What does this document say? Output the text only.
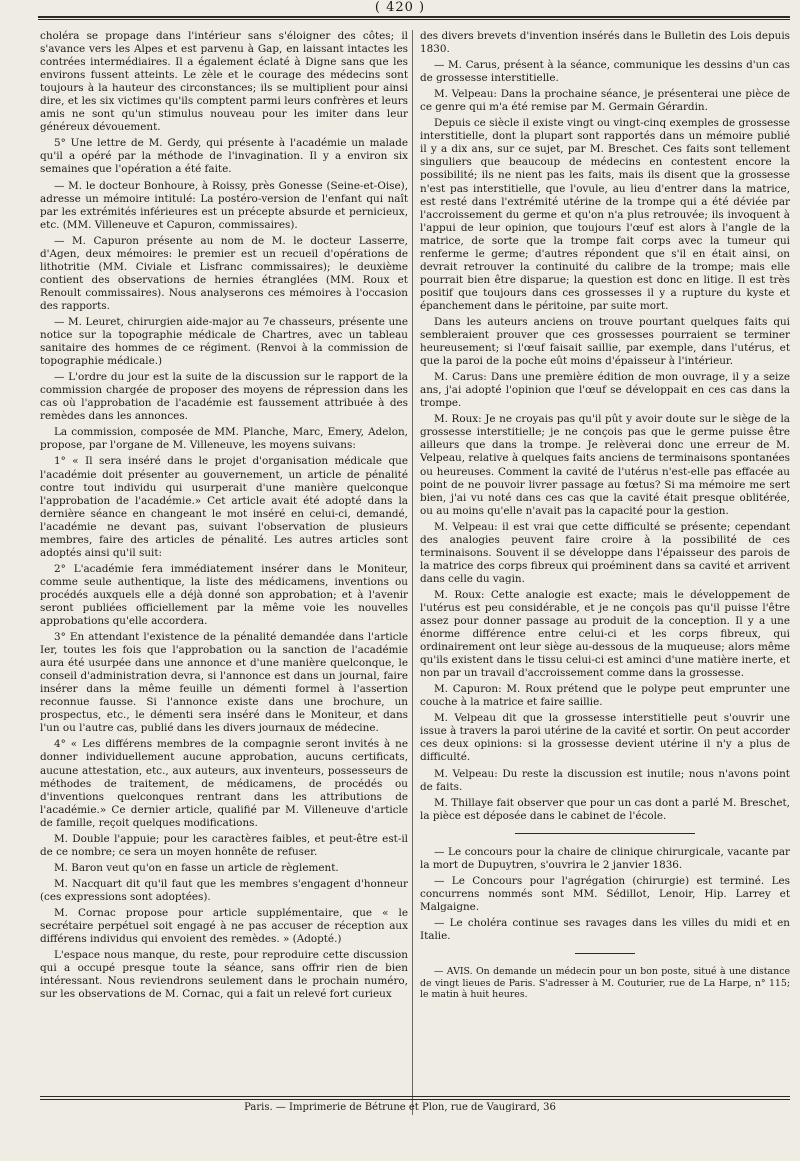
( 420 )

choléra se propage dans l'intérieur sans s'éloigner des côtes; il s'avance vers les Alpes et est parvenu à Gap, en laissant intactes les contrées intermédiaires. Il a également éclaté à Digne sans que les environs fussent atteints. Le zèle et le courage des médecins sont toujours à la hauteur des circonstances; ils se multiplient pour ainsi dire, et les six victimes qu'ils comptent parmi leurs confrères et leurs amis ne sont qu'un stimulus nouveau pour les imiter dans leur généreux dévouement.

5° Une lettre de M. Gerdy, qui présente à l'académie un malade qu'il a opéré par la méthode de l'invagination. Il y a environ six semaines que l'opération a été faite.

— M. le docteur Bonhoure, à Roissy, près Gonesse (Seine-et-Oise), adresse un mémoire intitulé: La postéro-version de l'enfant qui naît par les extrémités inférieures est un précepte absurde et pernicieux, etc. (MM. Villeneuve et Capuron, commissaires).

— M. Capuron présente au nom de M. le docteur Lasserre, d'Agen, deux mémoires: le premier est un recueil d'opérations de lithotritie (MM. Civiale et Lisfranc commissaires); le deuxième contient des observations de hernies étranglées (MM. Roux et Renoult commissaires). Nous analyserons ces mémoires à l'occasion des rapports.

— M. Leuret, chirurgien aide-major au 7e chasseurs, présente une notice sur la topographie médicale de Chartres, avec un tableau sanitaire des hommes de ce régiment. (Renvoi à la commission de topographie médicale.)

— L'ordre du jour est la suite de la discussion sur le rapport de la commission chargée de proposer des moyens de répression dans les cas où l'approbation de l'académie est faussement attribuée à des remèdes dans les annonces.

La commission, composée de MM. Planche, Marc, Emery, Adelon, propose, par l'organe de M. Villeneuve, les moyens suivans:

1° « Il sera inséré dans le projet d'organisation médicale que l'académie doit présenter au gouvernement, un article de pénalité contre tout individu qui usurperait d'une manière quelconque l'approbation de l'académie.» Cet article avait été adopté dans la dernière séance en changeant le mot inséré en celui-ci, demandé, l'académie ne devant pas, suivant l'observation de plusieurs membres, faire des articles de pénalité. Les autres articles sont adoptés ainsi qu'il suit:

2° L'académie fera immédiatement insérer dans le Moniteur, comme seule authentique, la liste des médicamens, inventions ou procédés auxquels elle a déjà donné son approbation; et à l'avenir seront publiées officiellement par la même voie les nouvelles approbations qu'elle accordera.

3° En attendant l'existence de la pénalité demandée dans l'article Ier, toutes les fois que l'approbation ou la sanction de l'académie aura été usurpée dans une annonce et d'une manière quelconque, le conseil d'administration devra, si l'annonce est dans un journal, faire insérer dans la même feuille un démenti formel à l'assertion reconnue fausse. Si l'annonce existe dans une brochure, un prospectus, etc., le démenti sera inséré dans le Moniteur, et dans l'un ou l'autre cas, publié dans les divers journaux de médecine.

4° « Les différens membres de la compagnie seront invités à ne donner individuellement aucune approbation, aucuns certificats, aucune attestation, etc., aux auteurs, aux inventeurs, possesseurs de méthodes de traitement, de médicamens, de procédés ou d'inventions quelconques rentrant dans les attributions de l'académie.» Ce dernier article, qualifié par M. Villeneuve d'article de famille, reçoit quelques modifications.

M. Double l'appuie; pour les caractères faibles, et peut-être est-il de ce nombre; ce sera un moyen honnête de refuser.

M. Baron veut qu'on en fasse un article de règlement.

M. Nacquart dit qu'il faut que les membres s'engagent d'honneur (ces expressions sont adoptées).

M. Cornac propose pour article supplémentaire, que « le secrétaire perpétuel soit engagé à ne pas accuser de réception aux différens individus qui envoient des remèdes. » (Adopté.)

L'espace nous manque, du reste, pour reproduire cette discussion qui a occupé presque toute la séance, sans offrir rien de bien intéressant. Nous reviendrons seulement dans le prochain numéro, sur les observations de M. Cornac, qui a fait un relevé fort curieux

des divers brevets d'invention insérés dans le Bulletin des Lois depuis 1830.

— M. Carus, présent à la séance, communique les dessins d'un cas de grossesse interstitielle.

M. Velpeau: Dans la prochaine séance, je présenterai une pièce de ce genre qui m'a été remise par M. Germain Gérardin.

Depuis ce siècle il existe vingt ou vingt-cinq exemples de grossesse interstitielle, dont la plupart sont rapportés dans un mémoire publié il y a dix ans, sur ce sujet, par M. Breschet. Ces faits sont tellement singuliers que beaucoup de médecins en contestent encore la possibilité; ils ne nient pas les faits, mais ils disent que la grossesse n'est pas interstitielle, que l'ovule, au lieu d'entrer dans la matrice, est resté dans l'extrémité utérine de la trompe qui a été déviée par l'accroissement du germe et qu'on n'a plus retrouvée; ils invoquent à l'appui de leur opinion, que toujours l'œuf est alors à l'angle de la matrice, de sorte que la trompe fait corps avec la tumeur qui renferme le germe; d'autres répondent que s'il en était ainsi, on devrait retrouver la continuité du calibre de la trompe; mais elle pourrait bien être disparue; la question est donc en litige. Il est très positif que toujours dans ces grossesses il y a rupture du kyste et épanchement dans le péritoine, par suite mort.

Dans les auteurs anciens on trouve pourtant quelques faits qui sembleraient prouver que ces grossesses pourraient se terminer heureusement; si l'œuf faisait saillie, par exemple, dans l'utérus, et que la paroi de la poche eût moins d'épaisseur à l'intérieur.

M. Carus: Dans une première édition de mon ouvrage, il y a seize ans, j'ai adopté l'opinion que l'œuf se développait en ces cas dans la trompe.

M. Roux: Je ne croyais pas qu'il pût y avoir doute sur le siège de la grossesse interstitielle; je ne conçois pas que le germe puisse être ailleurs que dans la trompe. Je relèverai donc une erreur de M. Velpeau, relative à quelques faits anciens de terminaisons spontanées ou heureuses. Comment la cavité de l'utérus n'est-elle pas effacée au point de ne pouvoir livrer passage au fœtus? Si ma mémoire me sert bien, j'ai vu noté dans ces cas que la cavité était presque oblitérée, ou au moins qu'elle n'avait pas la capacité pour la gestion.

M. Velpeau: il est vrai que cette difficulté se présente; cependant des analogies peuvent faire croire à la possibilité de ces terminaisons. Souvent il se développe dans l'épaisseur des parois de la matrice des corps fibreux qui proéminent dans sa cavité et arrivent dans celle du vagin.

M. Roux: Cette analogie est exacte; mais le développement de l'utérus est peu considérable, et je ne conçois pas qu'il puisse l'être assez pour donner passage au produit de la conception. Il y a une énorme différence entre celui-ci et les corps fibreux, qui ordinairement ont leur siège au-dessous de la muqueuse; alors même qu'ils existent dans le tissu celui-ci est aminci d'une matière inerte, et non par un travail d'accroissement comme dans la grossesse.

M. Capuron: M. Roux prétend que le polype peut emprunter une couche à la matrice et faire saillie.

M. Velpeau dit que la grossesse interstitielle peut s'ouvrir une issue à travers la paroi utérine de la cavité et sortir. On peut accorder ces deux opinions: si la grossesse devient utérine il n'y a plus de difficulté.

M. Velpeau: Du reste la discussion est inutile; nous n'avons point de faits.

M. Thillaye fait observer que pour un cas dont a parlé M. Breschet, la pièce est déposée dans le cabinet de l'école.

— Le concours pour la chaire de clinique chirurgicale, vacante par la mort de Dupuytren, s'ouvrira le 2 janvier 1836.

— Le Concours pour l'agrégation (chirurgie) est terminé. Les concurrens nommés sont MM. Sédillot, Lenoir, Hip. Larrey et Malgaigne.

— Le choléra continue ses ravages dans les villes du midi et en Italie.

— AVIS. On demande un médecin pour un bon poste, situé à une distance de vingt lieues de Paris. S'adresser à M. Couturier, rue de La Harpe, n° 115; le matin à huit heures.

Paris. — Imprimerie de Bétrune et Plon, rue de Vaugirard, 36
